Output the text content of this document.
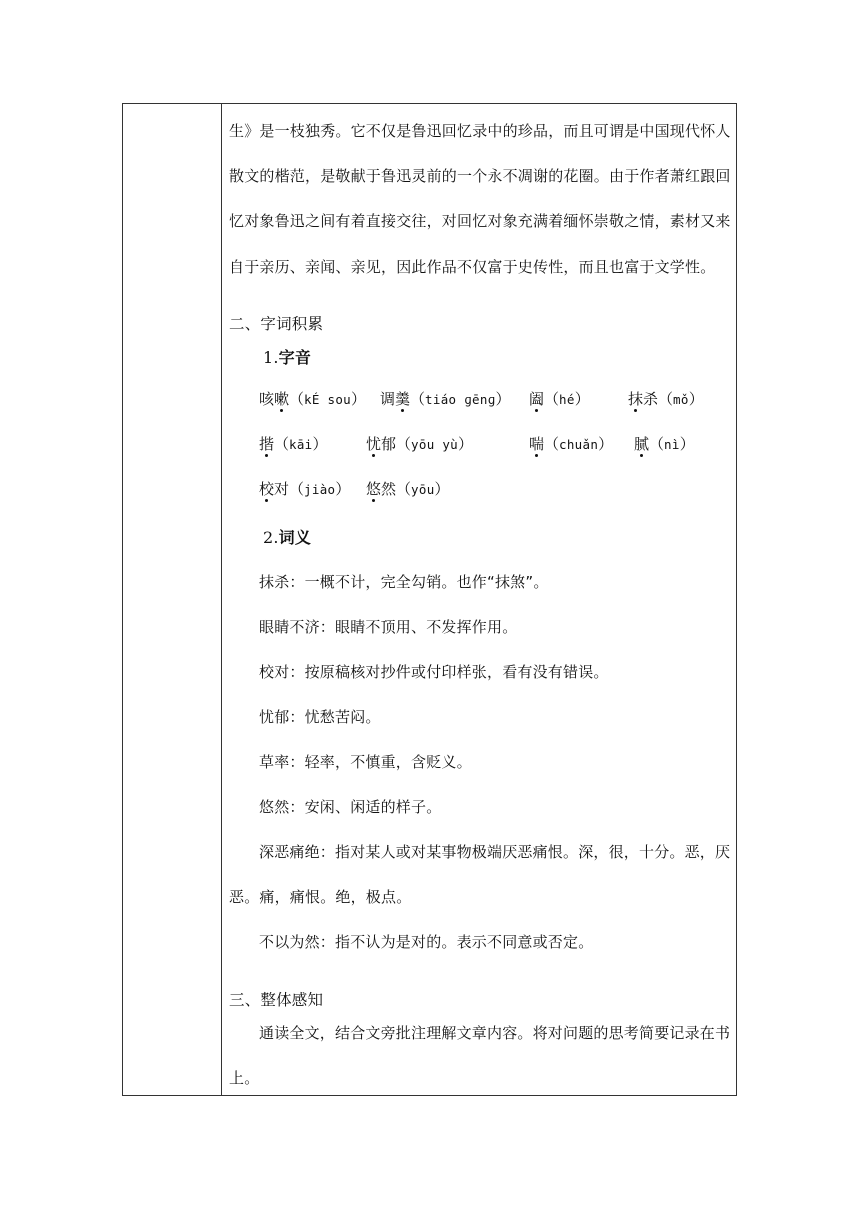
生》是一枝独秀。它不仅是鲁迅回忆录中的珍品，而且可谓是中国现代怀人
散文的楷范，是敬献于鲁迅灵前的一个永不凋谢的花圈。由于作者萧红跟回
忆对象鲁迅之间有着直接交往，对回忆对象充满着缅怀崇敬之情，素材又来
自于亲历、亲闻、亲见，因此作品不仅富于史传性，而且也富于文学性。
二、字词积累
1.字音
咳嗽（kÉ sou） 调羹（tiáo ɡēnɡ） 阖（hé）	抹杀（mǒ）
揩（kāi）	忧郁（yōu yù）	喘（chuǎn） 腻（nì）
校对（jiào） 悠然（yōu）
2.词义
抹杀：一概不计，完全勾销。也作“抹煞”。
眼睛不济：眼睛不顶用、不发挥作用。
校对：按原稿核对抄件或付印样张，看有没有错误。
忧郁：忧愁苦闷。
草率：轻率，不慎重，含贬义。
悠然：安闲、闲适的样子。
深恶痛绝：指对某人或对某事物极端厌恶痛恨。深，很，十分。恶，厌
恶。痛，痛恨。绝，极点。
不以为然：指不认为是对的。表示不同意或否定。
三、整体感知
通读全文，结合文旁批注理解文章内容。将对问题的思考简要记录在书
上。
